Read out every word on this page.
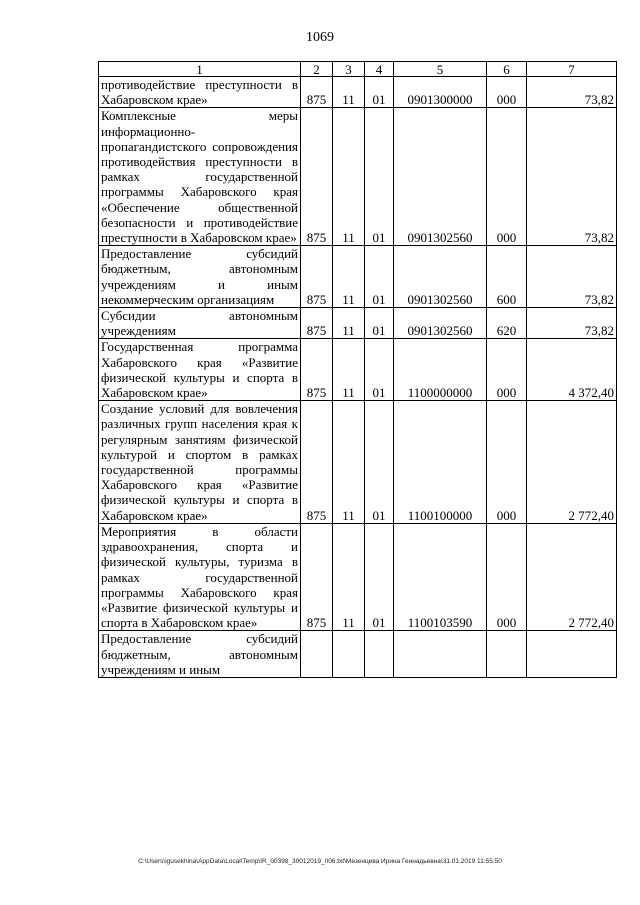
1069
1	2	3	4	5	6	7
противодействие преступности в Хабаровском крае»	875	11	01	0901300000	000	73,82
Комплексные меры информационно-пропагандистского сопровождения противодействия преступности в рамках государственной программы Хабаровского края «Обеспечение общественной безопасности и противодействие преступности в Хабаровском крае»	875	11	01	0901302560	000	73,82
Предоставление субсидий бюджетным, автономным учреждениям и иным некоммерческим организациям	875	11	01	0901302560	600	73,82
Субсидии автономным учреждениям	875	11	01	0901302560	620	73,82
Государственная программа Хабаровского края «Развитие физической культуры и спорта в Хабаровском крае»	875	11	01	1100000000	000	4 372,40
Создание условий для вовлечения различных групп населения края к регулярным занятиям физической культурой и спортом в рамках государственной программы Хабаровского края «Развитие физической культуры и спорта в Хабаровском крае»	875	11	01	1100100000	000	2 772,40
Мероприятия в области здравоохранения, спорта и физической культуры, туризма в рамках государственной программы Хабаровского края «Развитие физической культуры и спорта в Хабаровском крае»	875	11	01	1100103590	000	2 772,40
Предоставление субсидий бюджетным, автономным учреждениям и иным						
C:\Users\igusekhina\AppData\Local\Temp\IR_00398_30012019_006.txt\Мезенцева Ирина Геннадьевна\31.01.2019 11:55:50
